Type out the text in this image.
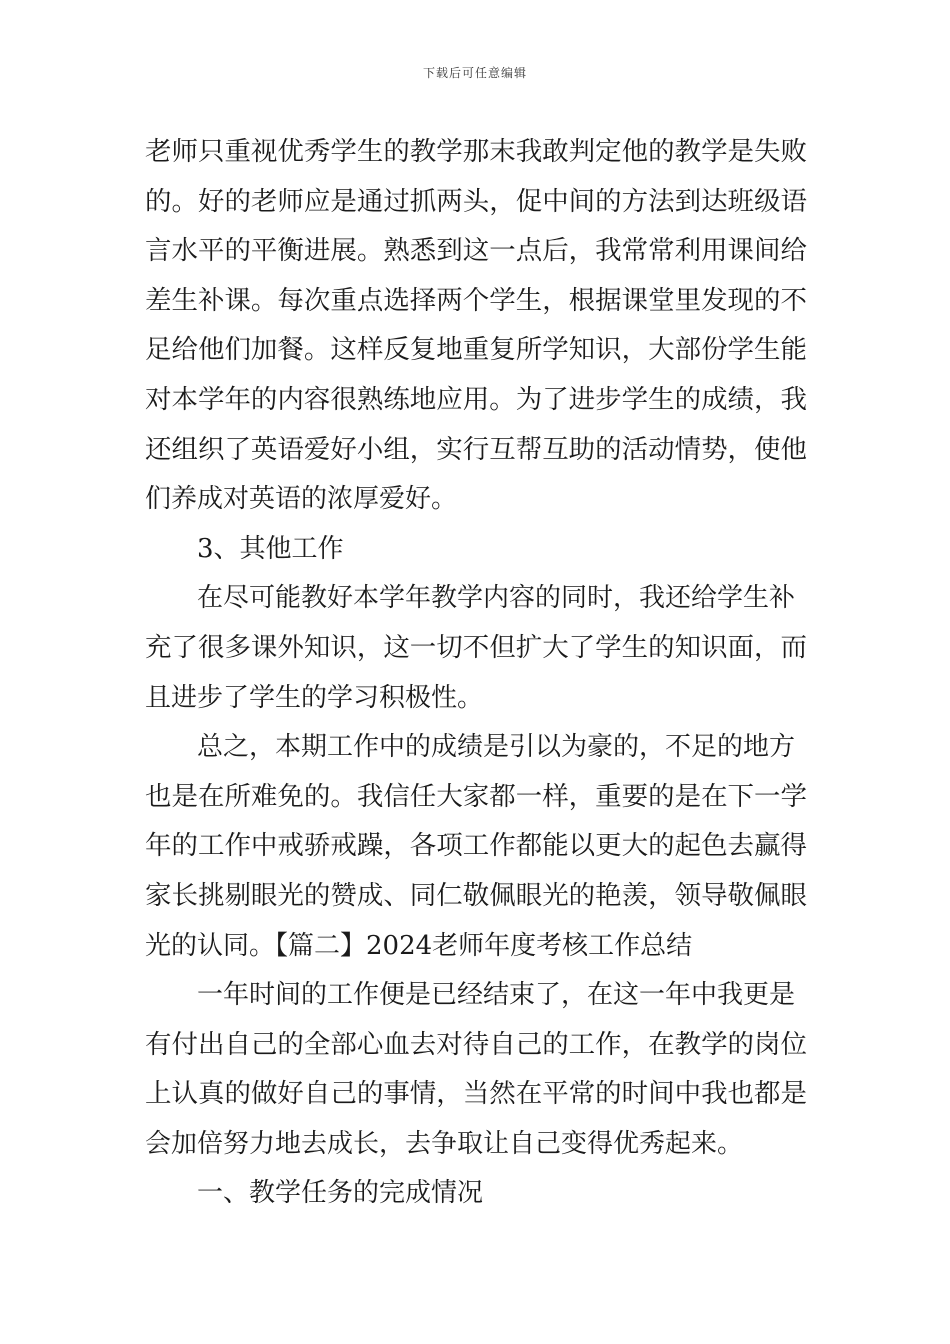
下载后可任意编辑
老师只重视优秀学生的教学那末我敢判定他的教学是失败
的。好的老师应是通过抓两头，促中间的方法到达班级语
言水平的平衡进展。熟悉到这一点后，我常常利用课间给
差生补课。每次重点选择两个学生，根据课堂里发现的不
足给他们加餐。这样反复地重复所学知识，大部份学生能
对本学年的内容很熟练地应用。为了进步学生的成绩，我
还组织了英语爱好小组，实行互帮互助的活动情势，使他
们养成对英语的浓厚爱好。
3、其他工作
在尽可能教好本学年教学内容的同时，我还给学生补
充了很多课外知识，这一切不但扩大了学生的知识面，而
且进步了学生的学习积极性。
总之，本期工作中的成绩是引以为豪的，不足的地方
也是在所难免的。我信任大家都一样，重要的是在下一学
年的工作中戒骄戒躁，各项工作都能以更大的起色去赢得
家长挑剔眼光的赞成、同仁敬佩眼光的艳羡，领导敬佩眼
光的认同。【篇二】2024老师年度考核工作总结
一年时间的工作便是已经结束了，在这一年中我更是
有付出自己的全部心血去对待自己的工作，在教学的岗位
上认真的做好自己的事情，当然在平常的时间中我也都是
会加倍努力地去成长，去争取让自己变得优秀起来。
一、教学任务的完成情况
